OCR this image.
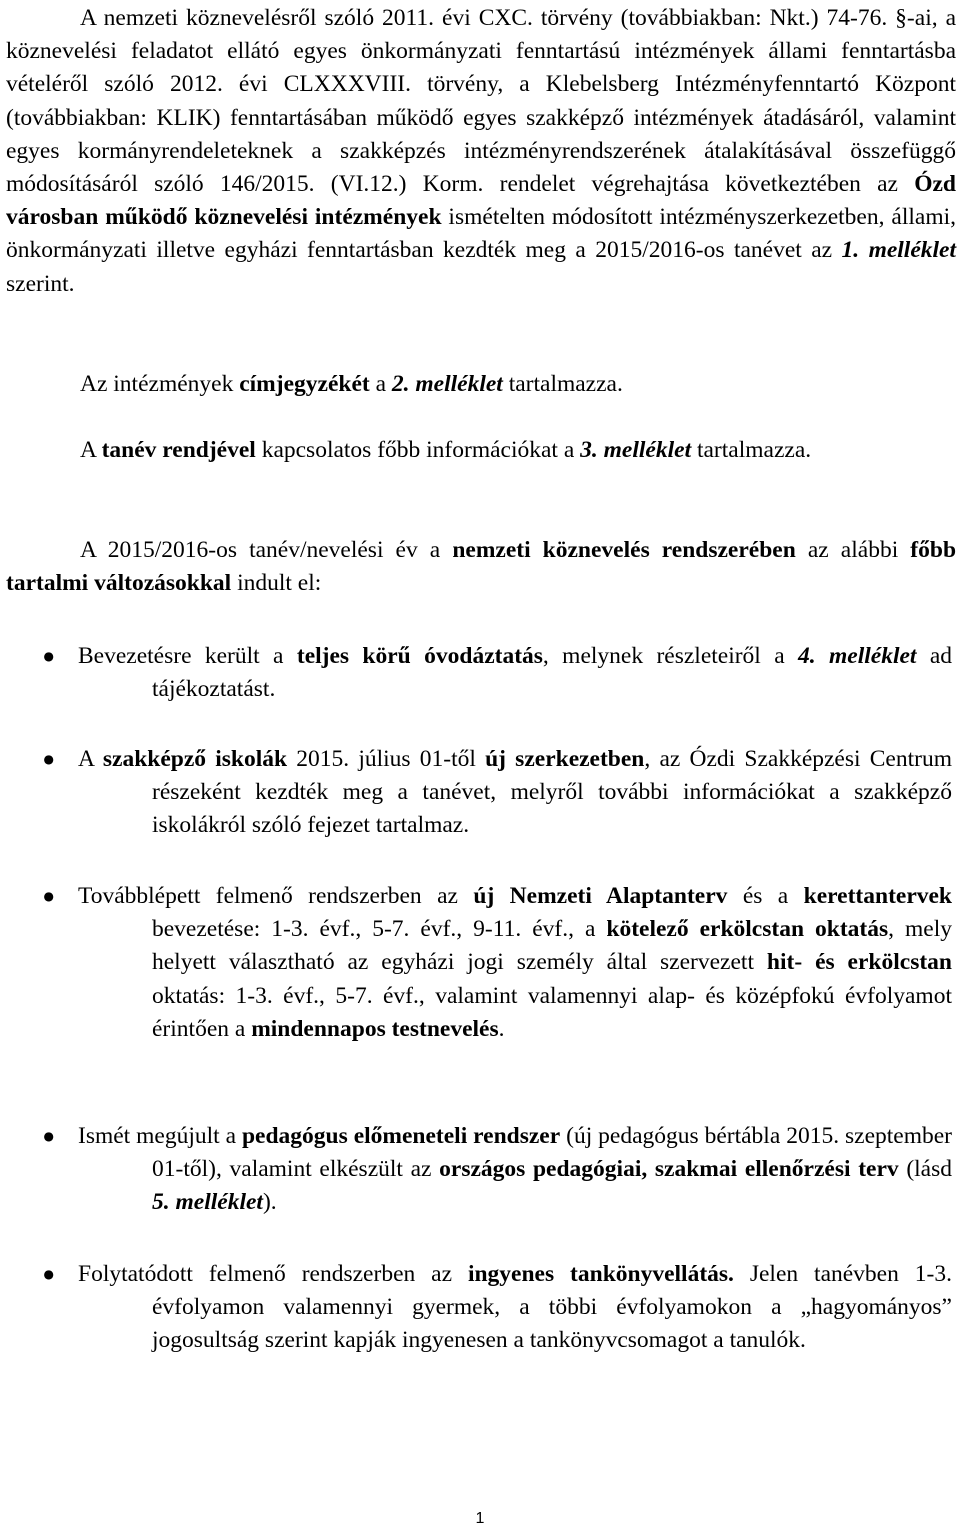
A nemzeti köznevelésről szóló 2011. évi CXC. törvény (továbbiakban: Nkt.) 74-76. §-ai, a köznevelési feladatot ellátó egyes önkormányzati fenntartású intézmények állami fenntartásba vételéről szóló 2012. évi CLXXXVIII. törvény, a Klebelsberg Intézményfenntartó Központ (továbbiakban: KLIK) fenntartásában működő egyes szakképző intézmények átadásáról, valamint egyes kormányrendeleteknek a szakképzés intézményrendszerének átalakításával összefüggő módosításáról szóló 146/2015. (VI.12.) Korm. rendelet végrehajtása következtében az Ózd városban működő köznevelési intézmények ismételten módosított intézményszerkezetben, állami, önkormányzati illetve egyházi fenntartásban kezdték meg a 2015/2016-os tanévet az 1. melléklet szerint.

Az intézmények címjegyzékét a 2. melléklet tartalmazza.

A tanév rendjével kapcsolatos főbb információkat a 3. melléklet tartalmazza.

A 2015/2016-os tanév/nevelési év a nemzeti köznevelés rendszerében az alábbi főbb tartalmi változásokkal indult el:

●
Bevezetésre került a teljes körű óvodáztatás, melynek részleteiről a 4. melléklet ad tájékoztatást.
●
A szakképző iskolák 2015. július 01-től új szerkezetben, az Ózdi Szakképzési Centrum részeként kezdték meg a tanévet, melyről további információkat a szakképző iskolákról szóló fejezet tartalmaz.
●
Továbblépett felmenő rendszerben az új Nemzeti Alaptanterv és a kerettantervek bevezetése: 1-3. évf., 5-7. évf., 9-11. évf., a kötelező erkölcstan oktatás, mely helyett választható az egyházi jogi személy által szervezett hit- és erkölcstan oktatás: 1-3. évf., 5-7. évf., valamint valamennyi alap- és középfokú évfolyamot érintően a mindennapos testnevelés.
●
Ismét megújult a pedagógus előmeneteli rendszer (új pedagógus bértábla 2015. szeptember 01-től), valamint elkészült az országos pedagógiai, szakmai ellenőrzési terv (lásd 5. melléklet).
●
Folytatódott felmenő rendszerben az ingyenes tankönyvellátás. Jelen tanévben 1-3. évfolyamon valamennyi gyermek, a többi évfolyamokon a „hagyományos” jogosultság szerint kapják ingyenesen a tankönyvcsomagot a tanulók.
1
